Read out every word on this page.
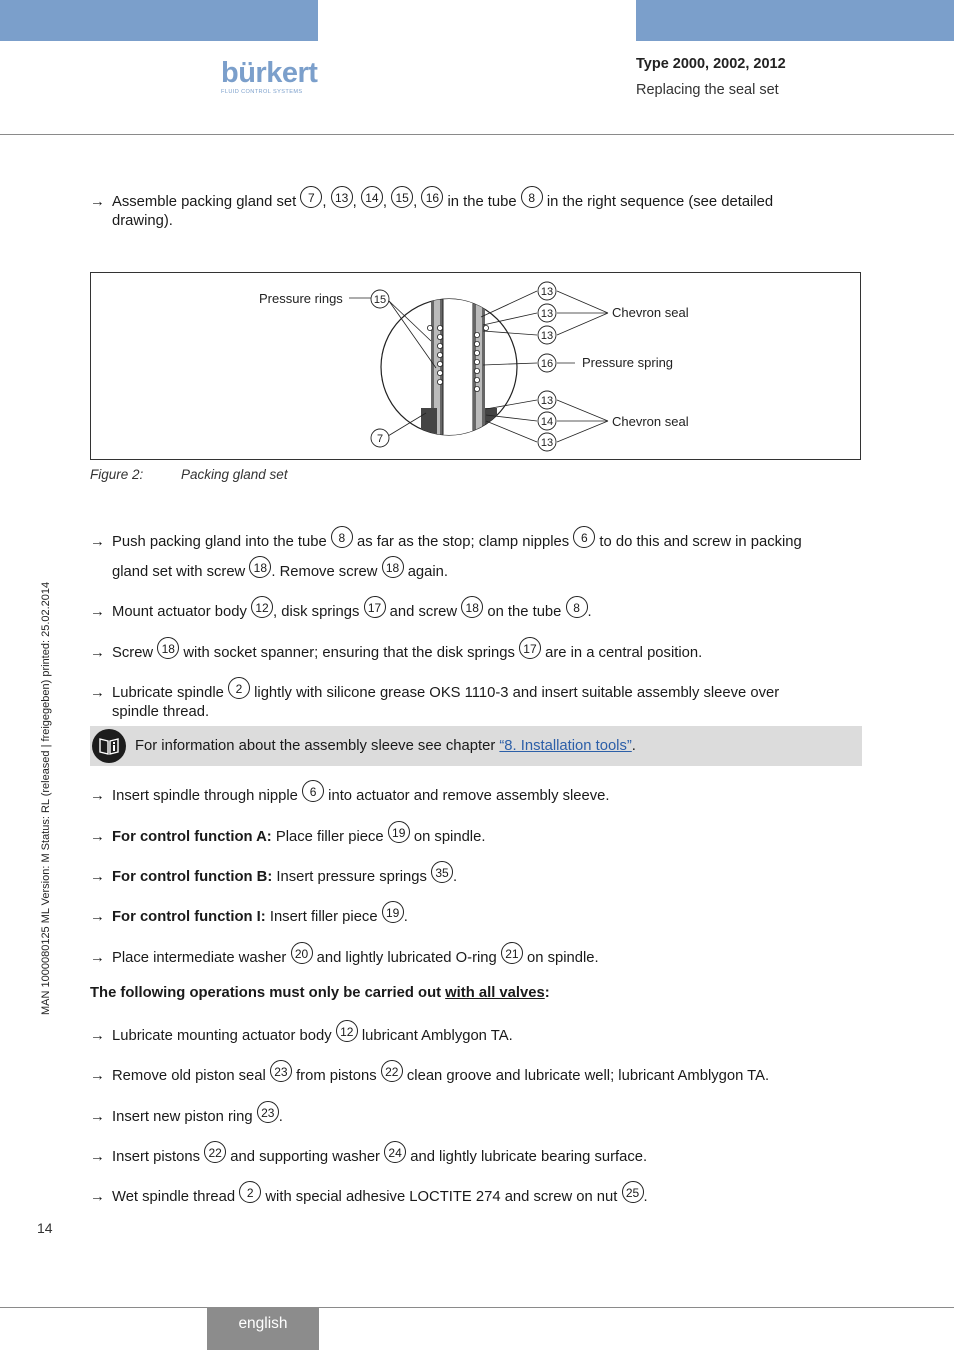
bürkert
FLUID CONTROL SYSTEMS
Type 2000, 2002, 2012
Replacing the seal set
→ Assemble packing gland set 7 , 13 , 14 , 15 , 16 in the tube 8 in the right sequence (see detailed
drawing).
15
7
13
13
13
16
13
14
13
Pressure rings
Chevron seal
Pressure spring
Chevron seal
Figure 2:	Packing gland set
→ Push packing gland into the tube 8 as far as the stop; clamp nipples 6 to do this and screw in packing
gland set with screw 18 . Remove screw 18 again.
→ Mount actuator body 12 , disk springs 17 and screw 18 on the tube 8 .
→ Screw 18 with socket spanner; ensuring that the disk springs 17 are in a central position.
→ Lubricate spindle 2 lightly with silicone grease OKS 1110-3 and insert suitable assembly sleeve over
spindle thread.
For information about the assembly sleeve see chapter “8. Installation tools”.
→ Insert spindle through nipple 6 into actuator and remove assembly sleeve.
→ For control function A: Place filler piece 19 on spindle.
→ For control function B: Insert pressure springs 35 .
→ For control function I: Insert filler piece 19 .
→ Place intermediate washer 20 and lightly lubricated O-ring 21 on spindle.
The following operations must only be carried out with all valves:
→ Lubricate mounting actuator body 12 lubricant Amblygon TA.
→ Remove old piston seal 23 from pistons 22 clean groove and lubricate well; lubricant Amblygon TA.
→ Insert new piston ring 23 .
→ Insert pistons 22 and supporting washer 24 and lightly lubricate bearing surface.
→ Wet spindle thread 2 with special adhesive LOCTITE 274 and screw on nut 25 .
MAN 1000080125 ML Version: M Status: RL (released | freigegeben) printed: 25.02.2014
14
english
